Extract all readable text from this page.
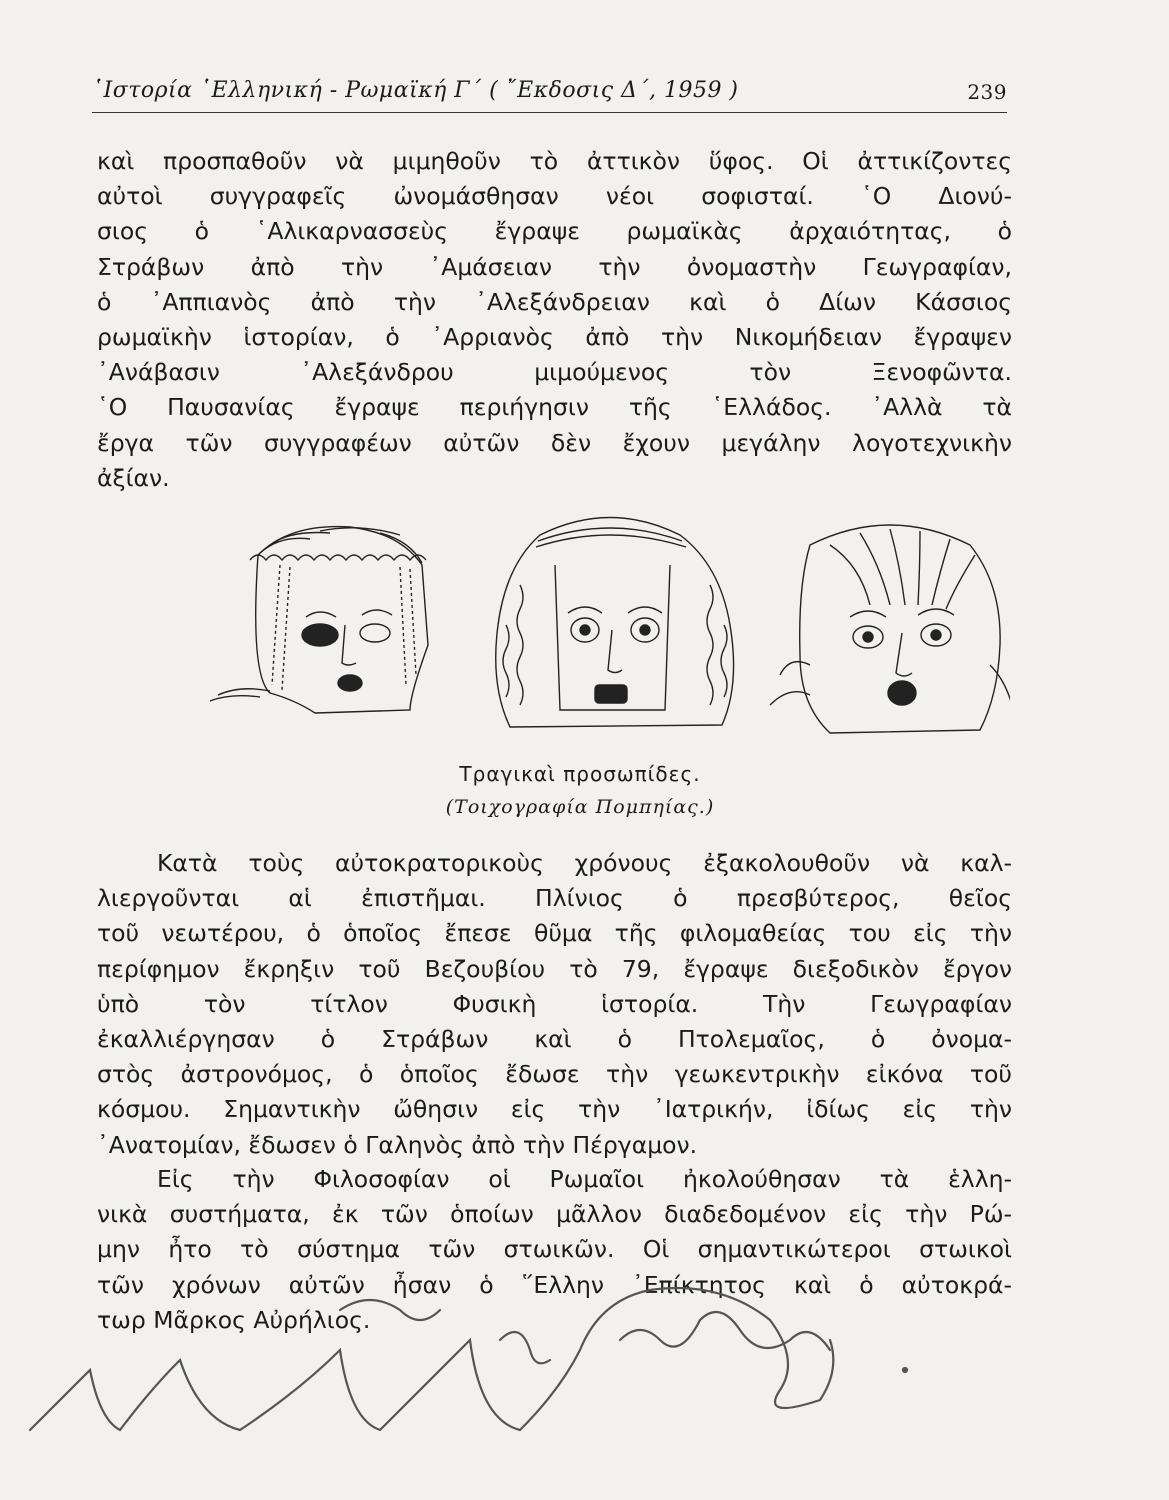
῾Ιστορία ῾Ελληνική - Ρωμαϊκή Γ΄ ( ῎Εκδοσις Δ΄, 1959 )	239
καὶ προσπαθοῦν νὰ μιμηθοῦν τὸ ἀττικὸν ὕφος. Οἱ ἀττικίζοντες
αὐτοὶ συγγραφεῖς ὠνομάσθησαν νέοι σοφισταί. ῾Ο Διονύ-
σιος ὁ ῾Αλικαρνασσεὺς ἔγραψε ρωμαϊκὰς ἀρχαιότητας, ὁ
Στράβων ἀπὸ τὴν ᾿Αμάσειαν τὴν ὀνομαστὴν Γεωγραφίαν,
ὁ ᾿Αππιανὸς ἀπὸ τὴν ᾿Αλεξάνδρειαν καὶ ὁ Δίων Κάσσιος
ρωμαϊκὴν ἱστορίαν, ὁ ᾿Αρριανὸς ἀπὸ τὴν Νικομήδειαν ἔγραψεν
᾿Ανάβασιν ᾿Αλεξάνδρου μιμούμενος τὸν Ξενοφῶντα.
῾Ο Παυσανίας ἔγραψε περιήγησιν τῆς ῾Ελλάδος. ᾿Αλλὰ τὰ
ἔργα τῶν συγγραφέων αὐτῶν δὲν ἔχουν μεγάλην λογοτεχνικὴν
ἀξίαν.
Τραγικαὶ προσωπίδες.
(Τοιχογραφία Πομπηίας.)
Κατὰ τοὺς αὐτοκρατορικοὺς χρόνους ἐξακολουθοῦν νὰ καλ-
λιεργοῦνται αἱ ἐπιστῆμαι. Πλίνιος ὁ πρεσβύτερος, θεῖος
τοῦ νεωτέρου, ὁ ὁποῖος ἔπεσε θῦμα τῆς φιλομαθείας του εἰς τὴν
περίφημον ἔκρηξιν τοῦ Βεζουβίου τὸ 79, ἔγραψε διεξοδικὸν ἔργον
ὑπὸ τὸν τίτλον Φυσικὴ ἱστορία. Τὴν Γεωγραφίαν
ἐκαλλιέργησαν ὁ Στράβων καὶ ὁ Πτολεμαῖος, ὁ ὀνομα-
στὸς ἀστρονόμος, ὁ ὁποῖος ἔδωσε τὴν γεωκεντρικὴν εἰκόνα τοῦ
κόσμου. Σημαντικὴν ὤθησιν εἰς τὴν ᾿Ιατρικήν, ἰδίως εἰς τὴν
᾿Ανατομίαν, ἔδωσεν ὁ Γαληνὸς ἀπὸ τὴν Πέργαμον.
Εἰς τὴν Φιλοσοφίαν οἱ Ρωμαῖοι ἠκολούθησαν τὰ ἑλλη-
νικὰ συστήματα, ἐκ τῶν ὁποίων μᾶλλον διαδεδομένον εἰς τὴν Ρώ-
μην ἦτο τὸ σύστημα τῶν στωικῶν. Οἱ σημαντικώτεροι στωικοὶ
τῶν χρόνων αὐτῶν ἦσαν ὁ ῞Ελλην ᾿Επίκτητος καὶ ὁ αὐτοκρά-
τωρ Μᾶρκος Αὐρήλιος.
